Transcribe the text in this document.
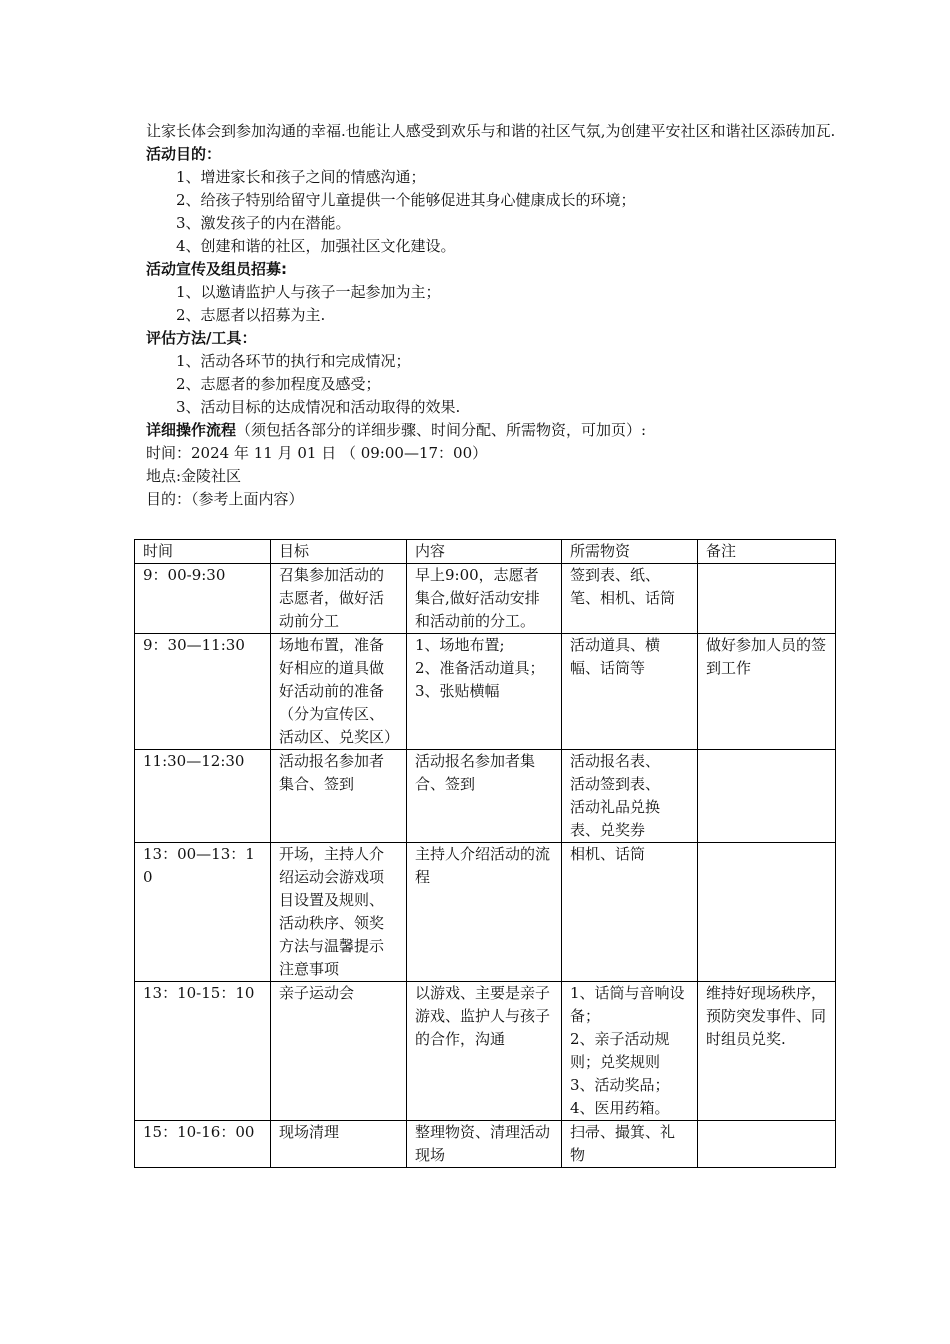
让家长体会到参加沟通的幸福.也能让人感受到欢乐与和谐的社区气氛,为创建平安社区和谐社区添砖加瓦.

活动目的：

1、增进家长和孩子之间的情感沟通；

2、给孩子特别给留守儿童提供一个能够促进其身心健康成长的环境；

3、激发孩子的内在潜能。

4、创建和谐的社区，加强社区文化建设。

活动宣传及组员招募:

1、以邀请监护人与孩子一起参加为主；

2、志愿者以招募为主.

评估方法/工具：

1、活动各环节的执行和完成情况；

2、志愿者的参加程度及感受；

3、活动目标的达成情况和活动取得的效果.

详细操作流程（须包括各部分的详细步骤、时间分配、所需物资，可加页）:

时间：2024 年 11 月 01 日 （ 09:00—17：00）

地点:金陵社区

目的：（参考上面内容）

时间	目标	内容	所需物资	备注

9：00-9:30	召集参加活动的志愿者，做好活动前分工	早上9:00，志愿者集合,做好活动安排和活动前的分工。	签到表、纸、笔、相机、话筒	

9：30—11:30	场地布置，准备好相应的道具做好活动前的准备（分为宣传区、活动区、兑奖区）	1、场地布置;
2、准备活动道具；
3、张贴横幅	活动道具、横幅、话筒等	做好参加人员的签到工作

11:30—12:30	活动报名参加者集合、签到	活动报名参加者集合、签到	活动报名表、
活动签到表、
活动礼品兑换表、兑奖券	

13：00—13：10	开场，主持人介绍运动会游戏项目设置及规则、活动秩序、领奖方法与温馨提示注意事项	主持人介绍活动的流程	相机、话筒	

13：10-15：10	亲子运动会	以游戏、主要是亲子游戏、监护人与孩子的合作，沟通	1、话筒与音响设备；
2、亲子活动规则；兑奖规则
3、活动奖品；
4、医用药箱。	维持好现场秩序，预防突发事件、同时组员兑奖.

15：10-16：00	现场清理	整理物资、清理活动现场	扫帚、撮箕、礼物	
